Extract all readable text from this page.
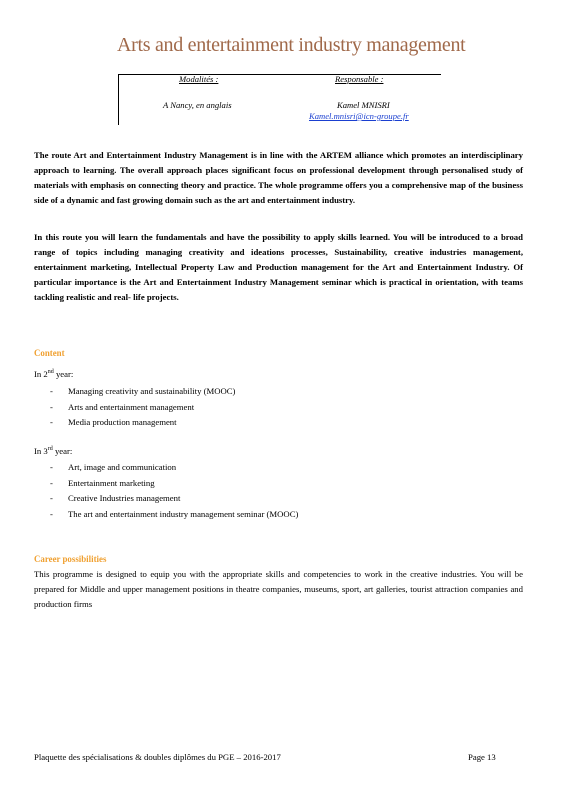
Arts and entertainment industry management
Modalités :	Responsable :
A Nancy, en anglais	Kamel MNISRI
Kamel.mnisri@icn-groupe.fr
The route Art and Entertainment Industry Management is in line with the ARTEM alliance which promotes an interdisciplinary approach to learning. The overall approach places significant focus on professional development through personalised study of materials with emphasis on connecting theory and practice. The whole programme offers you a comprehensive map of the business side of a dynamic and fast growing domain such as the art and entertainment industry.
In this route you will learn the fundamentals and have the possibility to apply skills learned. You will be introduced to a broad range of topics including managing creativity and ideations processes, Sustainability, creative industries management, entertainment marketing, Intellectual Property Law and Production management for the Art and Entertainment Industry. Of particular importance is the Art and Entertainment Industry Management seminar which is practical in orientation, with teams tackling realistic and real- life projects.
Content
In 2nd year:
- Managing creativity and sustainability (MOOC)
- Arts and entertainment management
- Media production management
In 3rd year:
- Art, image and communication
- Entertainment marketing
- Creative Industries management
- The art and entertainment industry management seminar (MOOC)
Career possibilities
This programme is designed to equip you with the appropriate skills and competencies to work in the creative industries. You will be prepared for Middle and upper management positions in theatre companies, museums, sport, art galleries, tourist attraction companies and production firms
Plaquette des spécialisations & doubles diplômes du PGE – 2016-2017	Page 13
